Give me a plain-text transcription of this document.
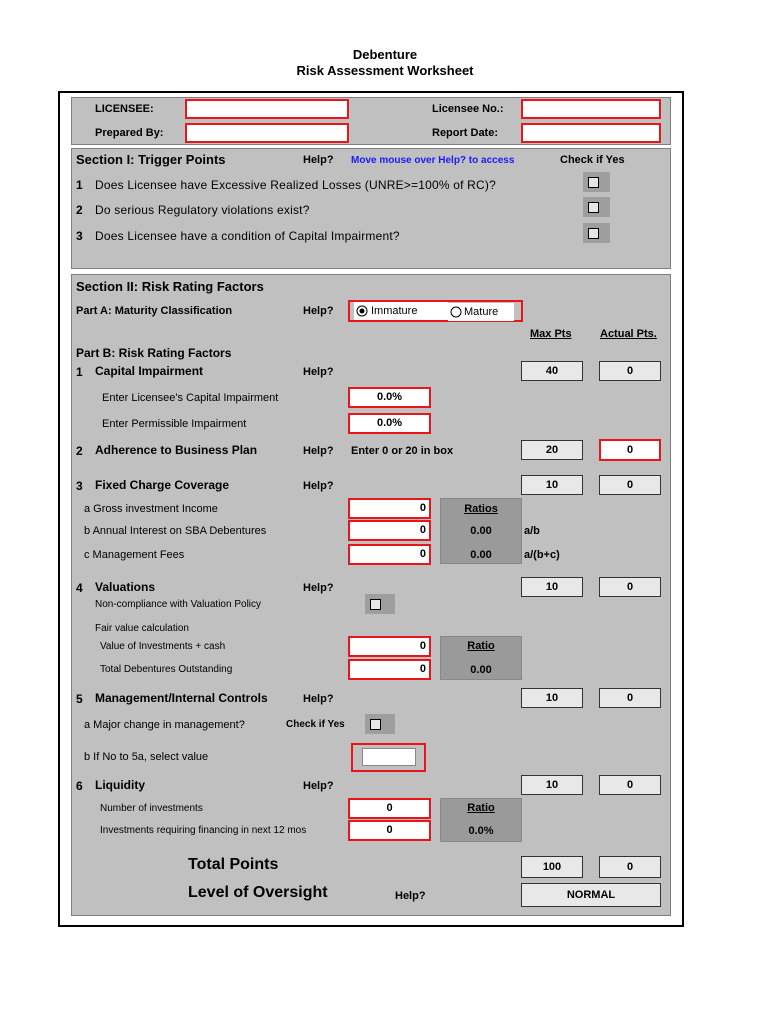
Debenture
Risk Assessment Worksheet
LICENSEE:	Licensee No.:
Prepared By:	Report Date:
Section I: Trigger Points	Help? Move mouse over Help? to access	Check if Yes
1 Does Licensee have Excessive Realized Losses (UNRE>=100% of RC)?
2 Do serious Regulatory violations exist?
3 Does Licensee have a condition of Capital Impairment?
Section II: Risk Rating Factors
Part A: Maturity Classification	Help?	Immature	Mature
Max Pts	Actual Pts.
Part B: Risk Rating Factors
1 Capital Impairment	Help?	40	0
Enter Licensee's Capital Impairment	0.0%
Enter Permissible Impairment	0.0%
2 Adherence to Business Plan	Help? Enter 0 or 20 in box	20	0
3 Fixed Charge Coverage	Help?	10	0
Ratios
a Gross investment Income	0
b Annual Interest on SBA Debentures	0	0.00	a/b
c Management Fees	0	0.00	a/(b+c)
4 Valuations	Help?	10	0
Non-compliance with Valuation Policy
Fair value calculation
Value of Investments + cash	0
Total Debentures Outstanding	0
Ratio
0.00
5 Management/Internal Controls	Help?	10	0
a Major change in management?	Check if Yes
b If No to 5a, select value
6 Liquidity	Help?	10	0
Number of investments	0
Investments requiring financing in next 12 mos	0
Ratio
0.0%
Total Points	100	0
Level of Oversight	Help?	NORMAL
